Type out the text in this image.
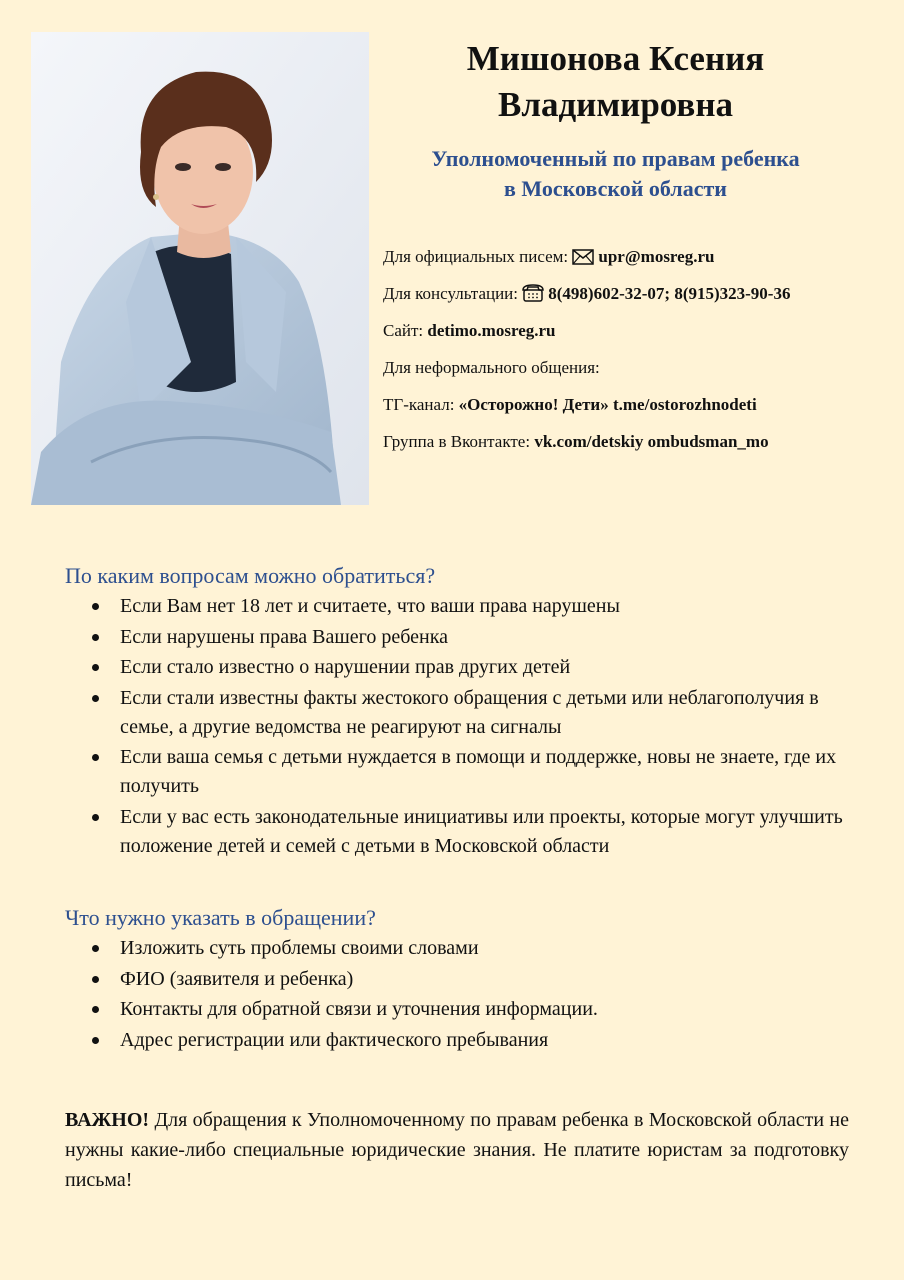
Мишонова Ксения
Владимировна
Уполномоченный по правам ребенка
в Московской области
Для официальных писем: upr@mosreg.ru
Для консультации: 8(498)602-32-07; 8(915)323-90-36
Сайт: detimo.mosreg.ru
Для неформального общения:
ТГ-канал: «Осторожно! Дети» t.me/ostorozhnodeti
Группа в Вконтакте: vk.com/detskiy ombudsman_mo
По каким вопросам можно обратиться?
Если Вам нет 18 лет и считаете, что ваши права нарушены
Если нарушены права Вашего ребенка
Если стало известно о нарушении прав других детей
Если стали известны факты жестокого обращения с детьми или неблагополучия в семье, а другие ведомства не реагируют на сигналы
Если ваша семья с детьми нуждается в помощи и поддержке, новы не знаете, где их получить
Если у вас есть законодательные инициативы или проекты, которые могут улучшить положение детей и семей с детьми в Московской области
Что нужно указать в обращении?
Изложить суть проблемы своими словами
ФИО (заявителя и ребенка)
Контакты для обратной связи и уточнения информации.
Адрес регистрации или фактического пребывания
ВАЖНО! Для обращения к Уполномоченному по правам ребенка в Московской области не нужны какие-либо специальные юридические знания. Не платите юристам за подготовку письма!
